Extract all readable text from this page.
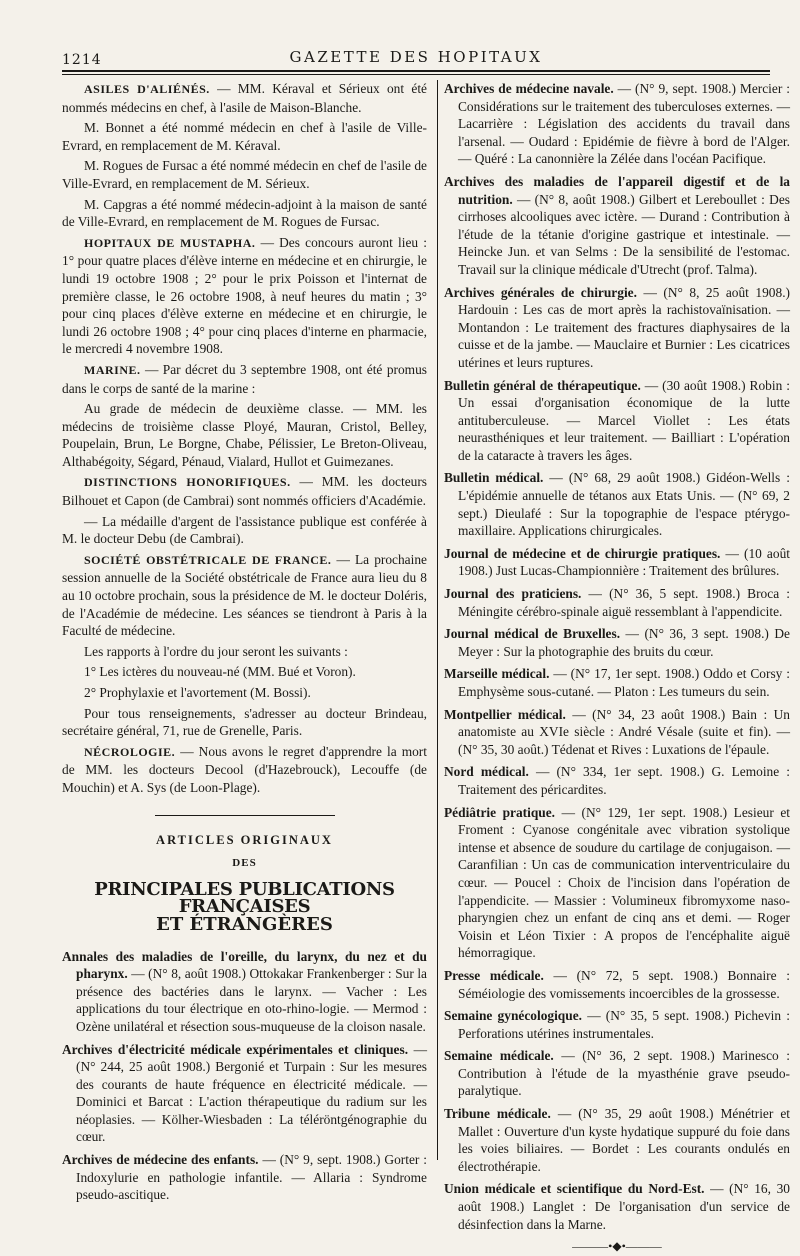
1214	GAZETTE DES HOPITAUX

ASILES D'ALIÉNÉS. — MM. Kéraval et Sérieux ont été nommés médecins en chef, à l'asile de Maison-Blanche.

M. Bonnet a été nommé médecin en chef à l'asile de Ville-Evrard, en remplacement de M. Kéraval.

M. Rogues de Fursac a été nommé médecin en chef de l'asile de Ville-Evrard, en remplacement de M. Sérieux.

M. Capgras a été nommé médecin-adjoint à la maison de santé de Ville-Evrard, en remplacement de M. Rogues de Fursac.

HOPITAUX DE MUSTAPHA. — Des concours auront lieu : 1° pour quatre places d'élève interne en médecine et en chirurgie, le lundi 19 octobre 1908 ; 2° pour le prix Poisson et l'internat de première classe, le 26 octobre 1908, à neuf heures du matin ; 3° pour cinq places d'élève externe en médecine et en chirurgie, le lundi 26 octobre 1908 ; 4° pour cinq places d'interne en pharmacie, le mercredi 4 novembre 1908.

MARINE. — Par décret du 3 septembre 1908, ont été promus dans le corps de santé de la marine :

Au grade de médecin de deuxième classe. — MM. les médecins de troisième classe Ployé, Mauran, Cristol, Belley, Poupelain, Brun, Le Borgne, Chabe, Pélissier, Le Breton-Oliveau, Althabégoity, Ségard, Pénaud, Vialard, Hullot et Guimezanes.

DISTINCTIONS HONORIFIQUES. — MM. les docteurs Bilhouet et Capon (de Cambrai) sont nommés officiers d'Académie.

— La médaille d'argent de l'assistance publique est conférée à M. le docteur Debu (de Cambrai).

SOCIÉTÉ OBSTÉTRICALE DE FRANCE. — La prochaine session annuelle de la Société obstétricale de France aura lieu du 8 au 10 octobre prochain, sous la présidence de M. le docteur Doléris, de l'Académie de médecine. Les séances se tiendront à Paris à la Faculté de médecine.

Les rapports à l'ordre du jour seront les suivants :

1° Les ictères du nouveau-né (MM. Bué et Voron).

2° Prophylaxie et l'avortement (M. Bossi).

Pour tous renseignements, s'adresser au docteur Brindeau, secrétaire général, 71, rue de Grenelle, Paris.

NÉCROLOGIE. — Nous avons le regret d'apprendre la mort de MM. les docteurs Decool (d'Hazebrouck), Lecouffe (de Mouchin) et A. Sys (de Loon-Plage).

ARTICLES ORIGINAUX
DES
PRINCIPALES PUBLICATIONS FRANÇAISES
ET ÉTRANGÈRES

Annales des maladies de l'oreille, du larynx, du nez et du pharynx. — (N° 8, août 1908.) Ottokakar Frankenberger : Sur la présence des bactéries dans le larynx. — Vacher : Les applications du tour électrique en oto-rhino-logie. — Mermod : Ozène unilatéral et résection sous-muqueuse de la cloison nasale.

Archives d'électricité médicale expérimentales et cliniques. — (N° 244, 25 août 1908.) Bergonié et Turpain : Sur les mesures des courants de haute fréquence en électricité médicale. — Dominici et Barcat : L'action thérapeutique du radium sur les néoplasies. — Kölher-Wiesbaden : La téléröntgénographie du cœur.

Archives de médecine des enfants. — (N° 9, sept. 1908.) Gorter : Indoxylurie en pathologie infantile. — Allaria : Syndrome pseudo-ascitique.

Archives de médecine navale. — (N° 9, sept. 1908.) Mercier : Considérations sur le traitement des tuberculoses externes. — Lacarrière : Législation des accidents du travail dans l'arsenal. — Oudard : Epidémie de fièvre à bord de l'Alger. — Quéré : La canonnière la Zélée dans l'océan Pacifique.

Archives des maladies de l'appareil digestif et de la nutrition. — (N° 8, août 1908.) Gilbert et Lereboullet : Des cirrhoses alcooliques avec ictère. — Durand : Contribution à l'étude de la tétanie d'origine gastrique et intestinale. — Heincke Jun. et van Selms : De la sensibilité de l'estomac. Travail sur la clinique médicale d'Utrecht (prof. Talma).

Archives générales de chirurgie. — (N° 8, 25 août 1908.) Hardouin : Les cas de mort après la rachistovaïnisation. — Montandon : Le traitement des fractures diaphysaires de la cuisse et de la jambe. — Mauclaire et Burnier : Les cicatrices utérines et leurs ruptures.

Bulletin général de thérapeutique. — (30 août 1908.) Robin : Un essai d'organisation économique de la lutte antituberculeuse. — Marcel Viollet : Les états neurasthéniques et leur traitement. — Bailliart : L'opération de la cataracte à travers les âges.

Bulletin médical. — (N° 68, 29 août 1908.) Gidéon-Wells : L'épidémie annuelle de tétanos aux Etats Unis. — (N° 69, 2 sept.) Dieulafé : Sur la topographie de l'espace ptérygo-maxillaire. Applications chirurgicales.

Journal de médecine et de chirurgie pratiques. — (10 août 1908.) Just Lucas-Championnière : Traitement des brûlures.

Journal des praticiens. — (N° 36, 5 sept. 1908.) Broca : Méningite cérébro-spinale aiguë ressemblant à l'appendicite.

Journal médical de Bruxelles. — (N° 36, 3 sept. 1908.) De Meyer : Sur la photographie des bruits du cœur.

Marseille médical. — (N° 17, 1er sept. 1908.) Oddo et Corsy : Emphysème sous-cutané. — Platon : Les tumeurs du sein.

Montpellier médical. — (N° 34, 23 août 1908.) Bain : Un anatomiste au XVIe siècle : André Vésale (suite et fin). — (N° 35, 30 août.) Tédenat et Rives : Luxations de l'épaule.

Nord médical. — (N° 334, 1er sept. 1908.) G. Lemoine : Traitement des péricardites.

Pédiâtrie pratique. — (N° 129, 1er sept. 1908.) Lesieur et Froment : Cyanose congénitale avec vibration systolique intense et absence de soudure du cartilage de conjugaison. — Caranfilian : Un cas de communication interventriculaire du cœur. — Poucel : Choix de l'incision dans l'opération de l'appendicite. — Massier : Volumineux fibromyxome naso-pharyngien chez un enfant de cinq ans et demi. — Roger Voisin et Léon Tixier : A propos de l'encéphalite aiguë hémorragique.

Presse médicale. — (N° 72, 5 sept. 1908.) Bonnaire : Séméiologie des vomissements incoercibles de la grossesse.

Semaine gynécologique. — (N° 35, 5 sept. 1908.) Pichevin : Perforations utérines instrumentales.

Semaine médicale. — (N° 36, 2 sept. 1908.) Marinesco : Contribution à l'étude de la myasthénie grave pseudo-paralytique.

Tribune médicale. — (N° 35, 29 août 1908.) Ménétrier et Mallet : Ouverture d'un kyste hydatique suppuré du foie dans les voies biliaires. — Bordet : Les courants ondulés en électrothérapie.

Union médicale et scientifique du Nord-Est. — (N° 16, 30 août 1908.) Langlet : De l'organisation d'un service de désinfection dans la Marne.

———•◆•———
